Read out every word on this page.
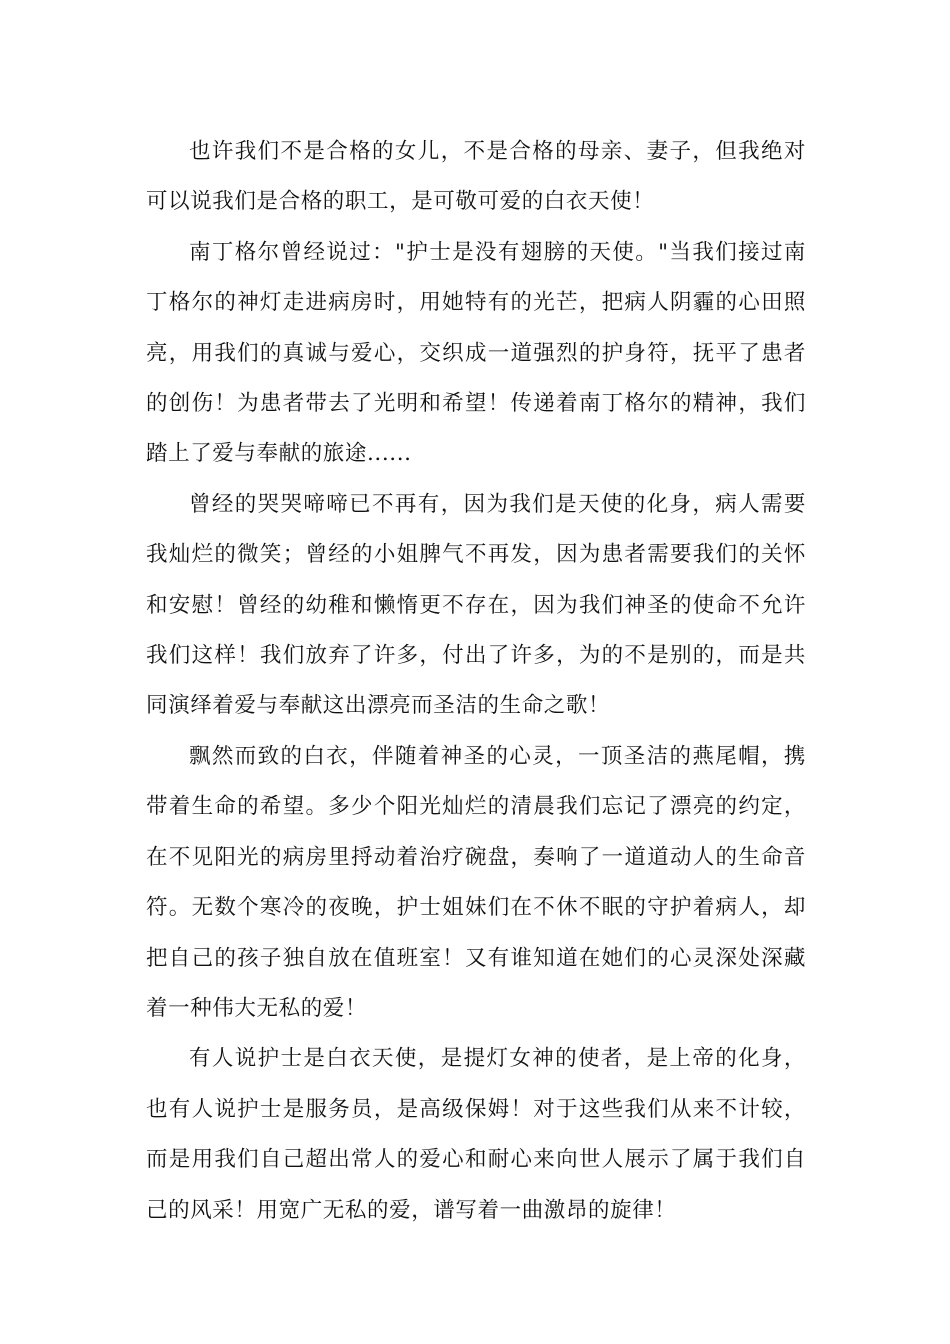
也许我们不是合格的女儿，不是合格的母亲、妻子，但我绝对可以说我们是合格的职工，是可敬可爱的白衣天使！

南丁格尔曾经说过："护士是没有翅膀的天使。"当我们接过南丁格尔的神灯走进病房时，用她特有的光芒，把病人阴霾的心田照亮，用我们的真诚与爱心，交织成一道强烈的护身符，抚平了患者的创伤！为患者带去了光明和希望！传递着南丁格尔的精神，我们踏上了爱与奉献的旅途......

曾经的哭哭啼啼已不再有，因为我们是天使的化身，病人需要我灿烂的微笑；曾经的小姐脾气不再发，因为患者需要我们的关怀和安慰！曾经的幼稚和懒惰更不存在，因为我们神圣的使命不允许我们这样！我们放弃了许多，付出了许多，为的不是别的，而是共同演绎着爱与奉献这出漂亮而圣洁的生命之歌！

飘然而致的白衣，伴随着神圣的心灵，一顶圣洁的燕尾帽，携带着生命的希望。多少个阳光灿烂的清晨我们忘记了漂亮的约定，在不见阳光的病房里捋动着治疗碗盘，奏响了一道道动人的生命音符。无数个寒冷的夜晚，护士姐妹们在不休不眠的守护着病人，却把自己的孩子独自放在值班室！又有谁知道在她们的心灵深处深藏着一种伟大无私的爱！

有人说护士是白衣天使，是提灯女神的使者，是上帝的化身，也有人说护士是服务员，是高级保姆！对于这些我们从来不计较，而是用我们自己超出常人的爱心和耐心来向世人展示了属于我们自己的风采！用宽广无私的爱，谱写着一曲激昂的旋律！
